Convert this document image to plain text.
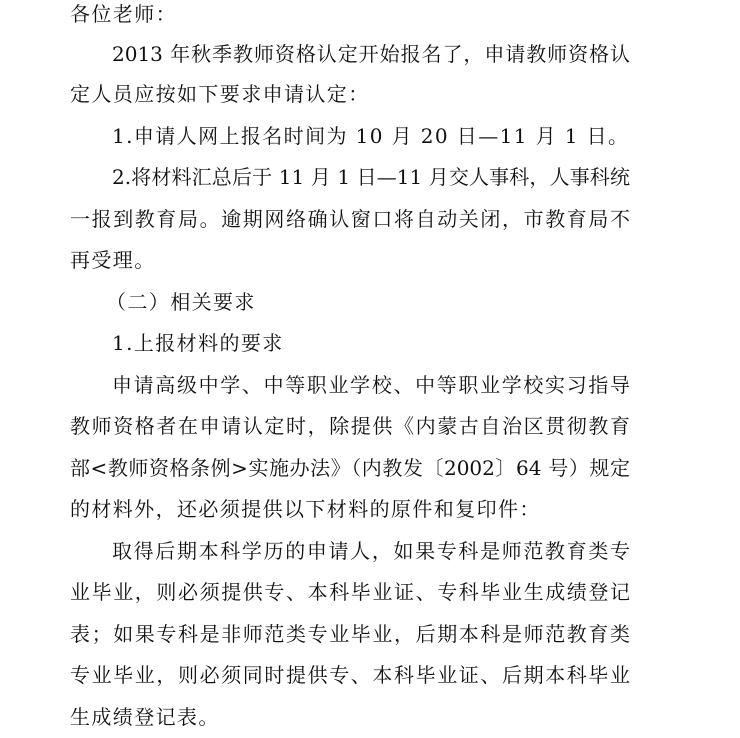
各位老师：
2013 年秋季教师资格认定开始报名了，申请教师资格认
定人员应按如下要求申请认定：
1.申请人网上报名时间为 10 月 20 日—11 月 1 日。
2.将材料汇总后于 11 月 1 日—11 月交人事科，人事科统
一报到教育局。逾期网络确认窗口将自动关闭，市教育局不
再受理。
（二）相关要求
1.上报材料的要求
申请高级中学、中等职业学校、中等职业学校实习指导
教师资格者在申请认定时，除提供《内蒙古自治区贯彻教育
部<教师资格条例>实施办法》（内教发〔2002〕64 号）规定
的材料外，还必须提供以下材料的原件和复印件：
取得后期本科学历的申请人，如果专科是师范教育类专
业毕业，则必须提供专、本科毕业证、专科毕业生成绩登记
表；如果专科是非师范类专业毕业，后期本科是师范教育类
专业毕业，则必须同时提供专、本科毕业证、后期本科毕业
生成绩登记表。
